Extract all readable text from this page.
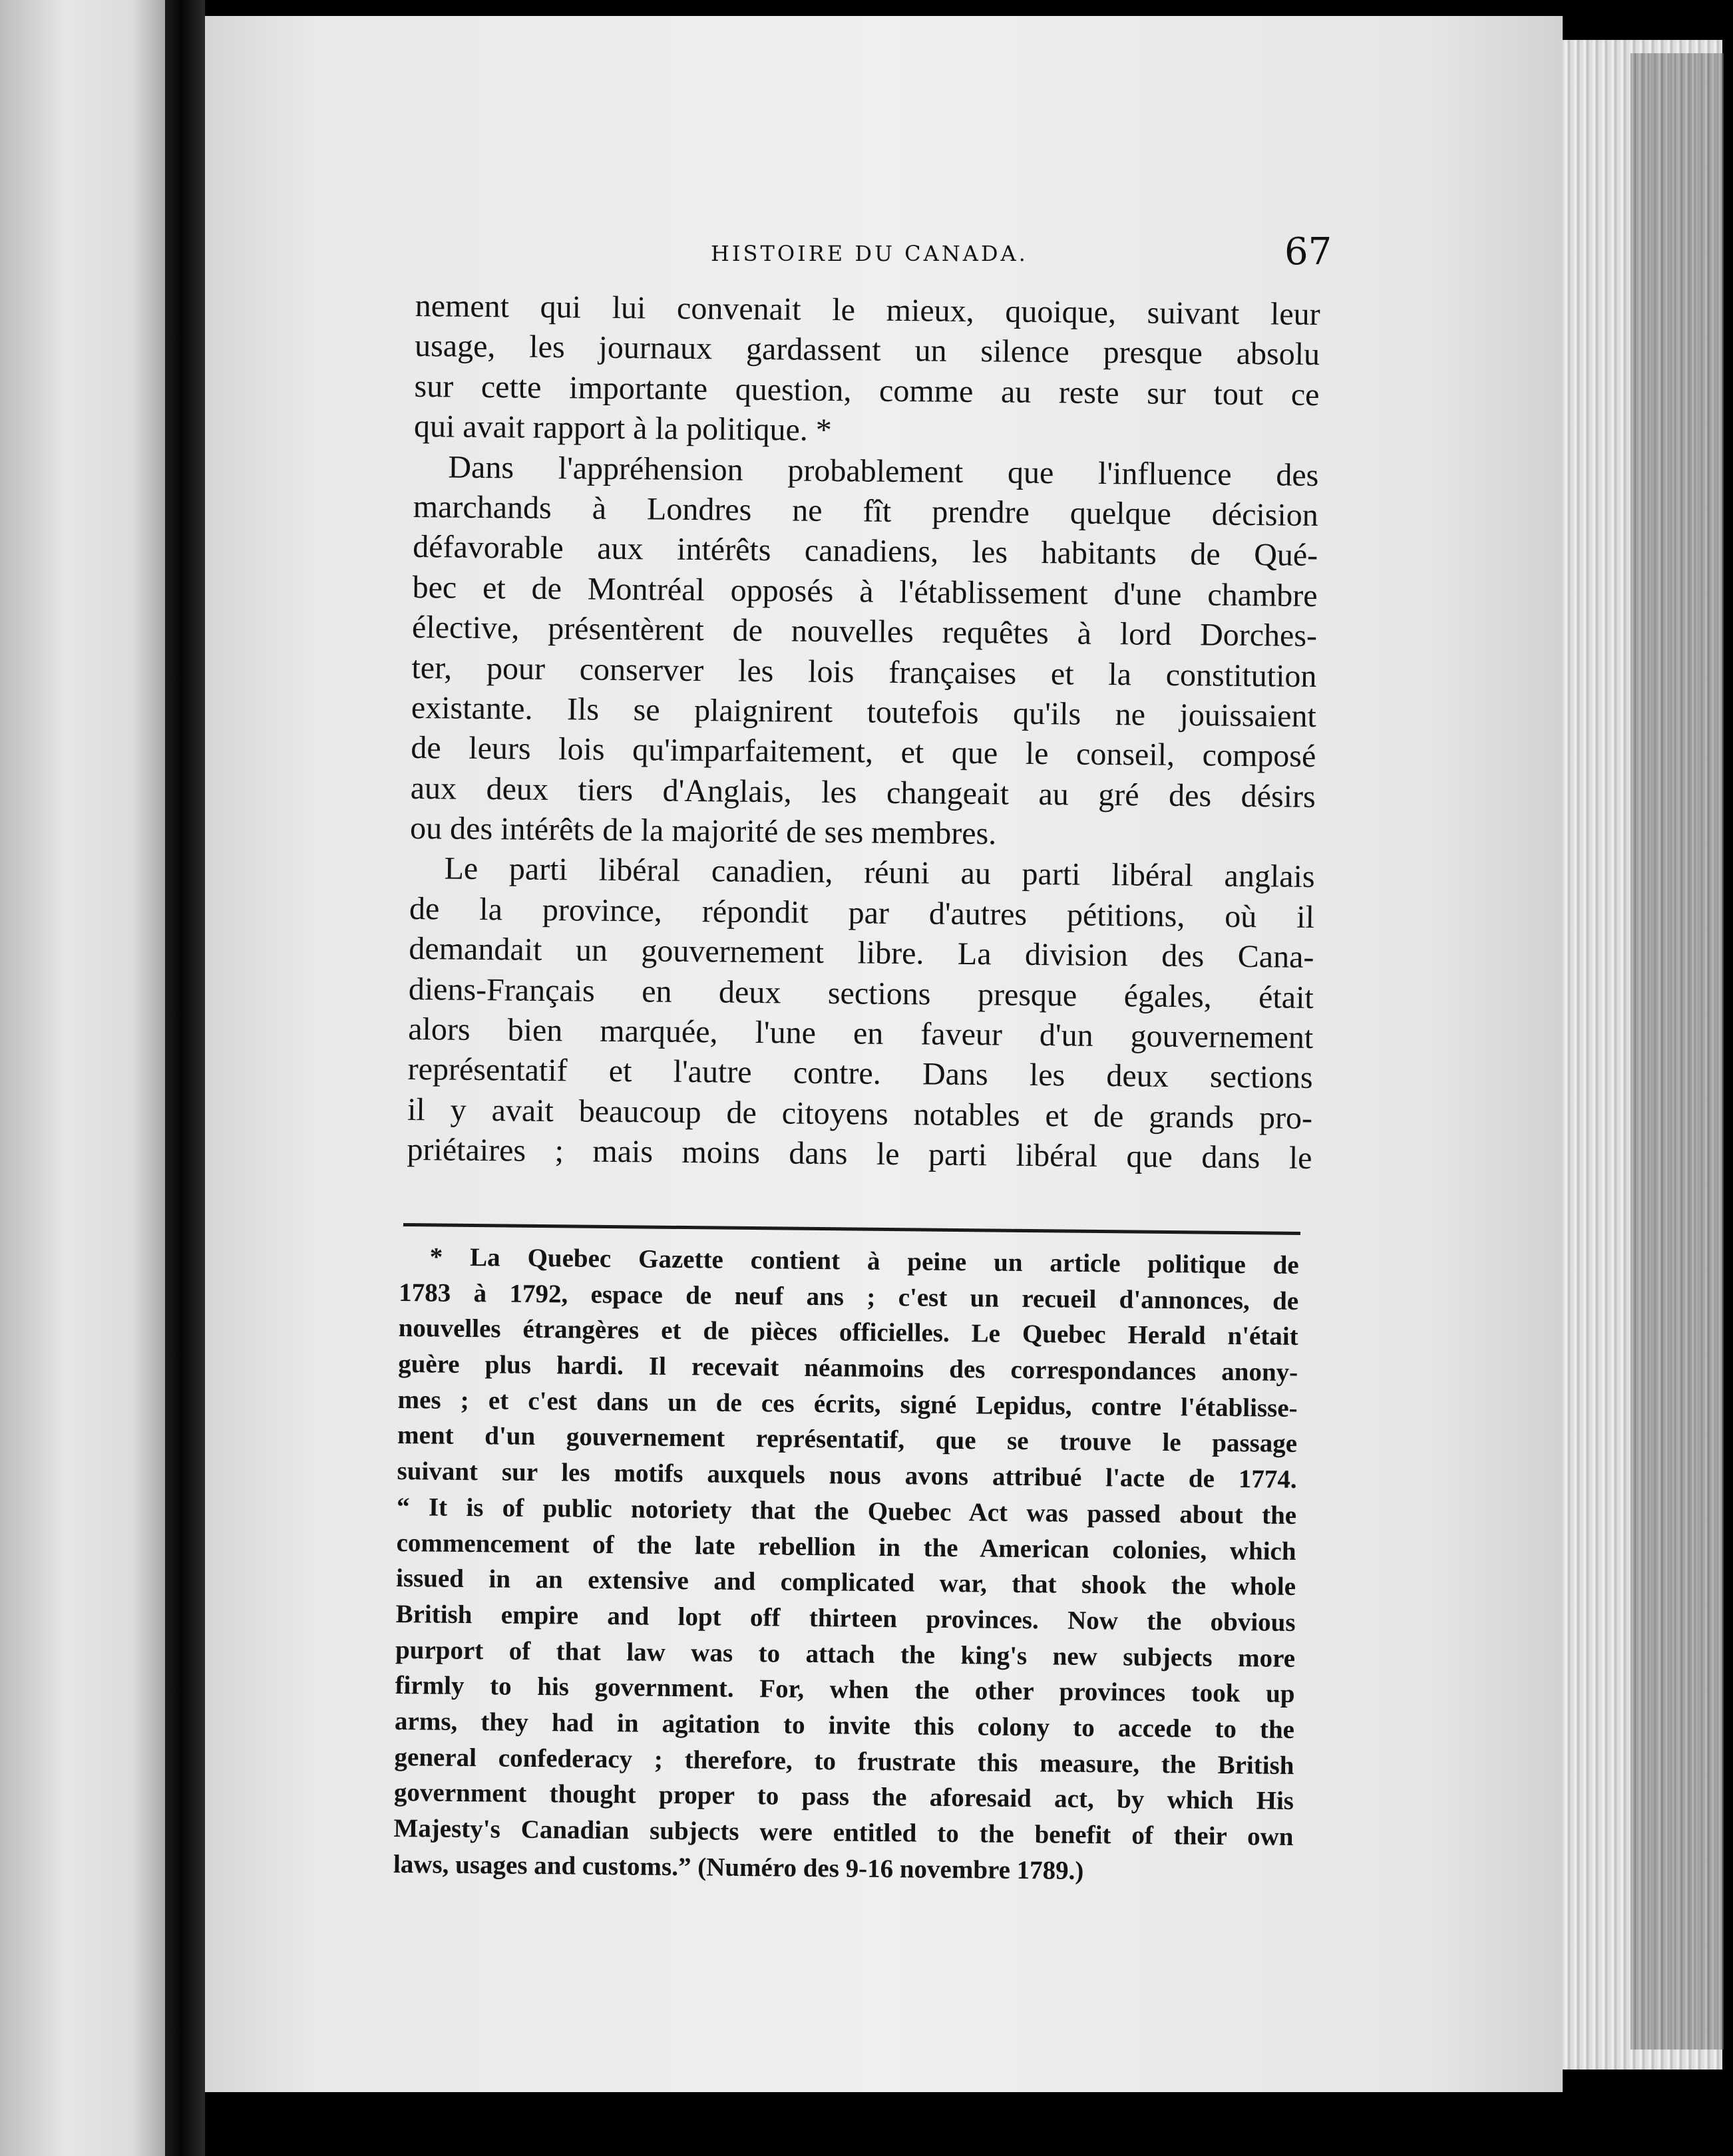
HISTOIRE DU CANADA.	67
nement qui lui convenait le mieux, quoique, suivant leur
usage, les journaux gardassent un silence presque absolu
sur cette importante question, comme au reste sur tout ce
qui avait rapport à la politique. *
Dans l'appréhension probablement que l'influence des
marchands à Londres ne fît prendre quelque décision
défavorable aux intérêts canadiens, les habitants de Qué-
bec et de Montréal opposés à l'établissement d'une chambre
élective, présentèrent de nouvelles requêtes à lord Dorches-
ter, pour conserver les lois françaises et la constitution
existante. Ils se plaignirent toutefois qu'ils ne jouissaient
de leurs lois qu'imparfaitement, et que le conseil, composé
aux deux tiers d'Anglais, les changeait au gré des désirs
ou des intérêts de la majorité de ses membres.
Le parti libéral canadien, réuni au parti libéral anglais
de la province, répondit par d'autres pétitions, où il
demandait un gouvernement libre. La division des Cana-
diens-Français en deux sections presque égales, était
alors bien marquée, l'une en faveur d'un gouvernement
représentatif et l'autre contre. Dans les deux sections
il y avait beaucoup de citoyens notables et de grands pro-
priétaires ; mais moins dans le parti libéral que dans le
* La Quebec Gazette contient à peine un article politique de
1783 à 1792, espace de neuf ans ; c'est un recueil d'annonces, de
nouvelles étrangères et de pièces officielles. Le Quebec Herald n'était
guère plus hardi. Il recevait néanmoins des correspondances anony-
mes ; et c'est dans un de ces écrits, signé Lepidus, contre l'établisse-
ment d'un gouvernement représentatif, que se trouve le passage
suivant sur les motifs auxquels nous avons attribué l'acte de 1774.
“ It is of public notoriety that the Quebec Act was passed about the
commencement of the late rebellion in the American colonies, which
issued in an extensive and complicated war, that shook the whole
British empire and lopt off thirteen provinces. Now the obvious
purport of that law was to attach the king's new subjects more
firmly to his government. For, when the other provinces took up
arms, they had in agitation to invite this colony to accede to the
general confederacy ; therefore, to frustrate this measure, the British
government thought proper to pass the aforesaid act, by which His
Majesty's Canadian subjects were entitled to the benefit of their own
laws, usages and customs.” (Numéro des 9-16 novembre 1789.)
